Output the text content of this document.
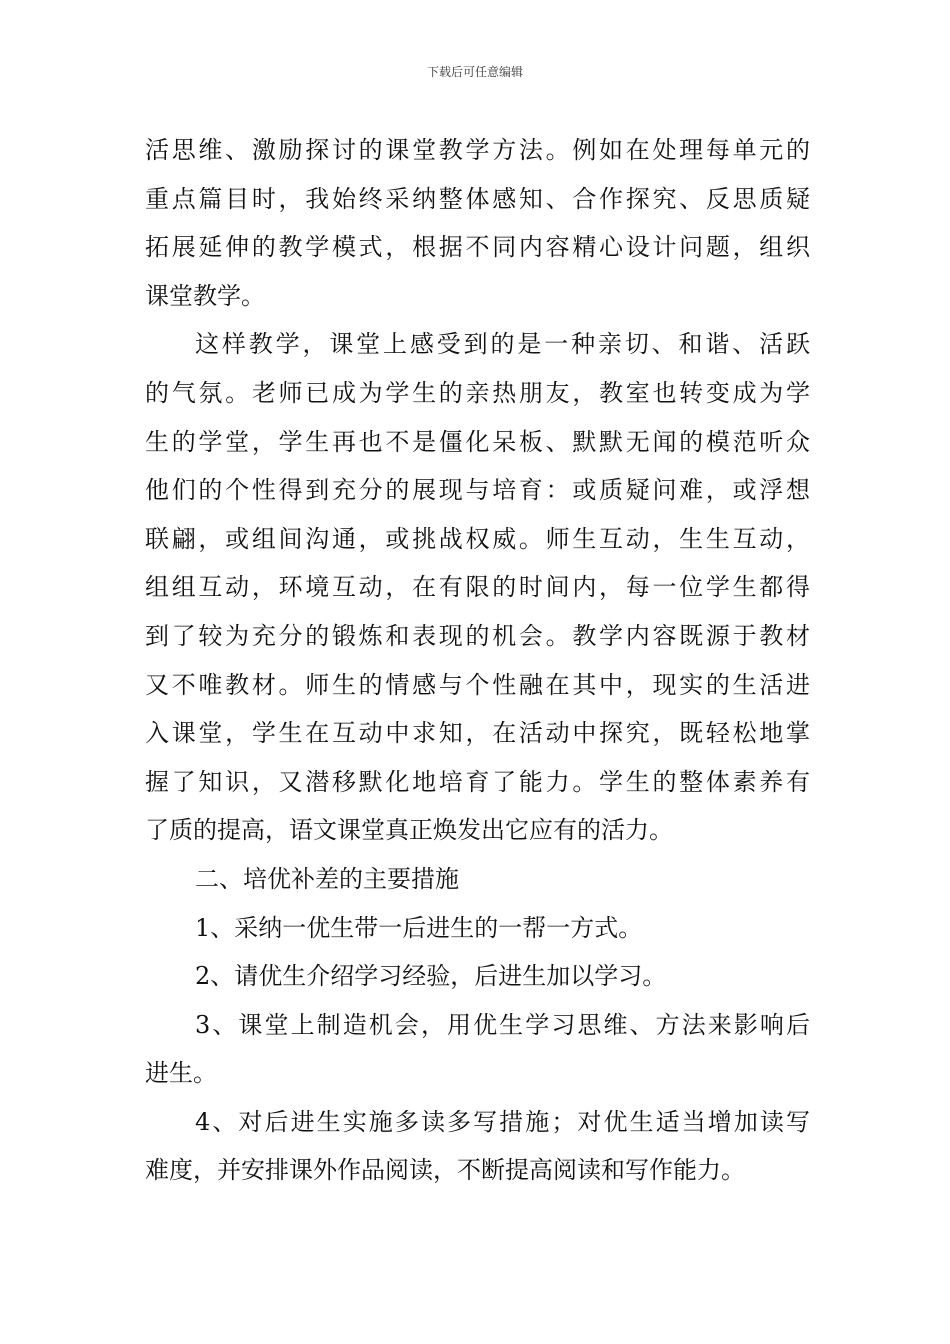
下载后可任意编辑
活思维、激励探讨的课堂教学方法。例如在处理每单元的
重点篇目时，我始终采纳整体感知、合作探究、反思质疑
拓展延伸的教学模式，根据不同内容精心设计问题，组织
课堂教学。
这样教学，课堂上感受到的是一种亲切、和谐、活跃
的气氛。老师已成为学生的亲热朋友，教室也转变成为学
生的学堂，学生再也不是僵化呆板、默默无闻的模范听众
他们的个性得到充分的展现与培育：或质疑问难，或浮想
联翩，或组间沟通，或挑战权威。师生互动，生生互动，
组组互动，环境互动，在有限的时间内，每一位学生都得
到了较为充分的锻炼和表现的机会。教学内容既源于教材
又不唯教材。师生的情感与个性融在其中，现实的生活进
入课堂，学生在互动中求知，在活动中探究，既轻松地掌
握了知识，又潜移默化地培育了能力。学生的整体素养有
了质的提高，语文课堂真正焕发出它应有的活力。
二、培优补差的主要措施
1、采纳一优生带一后进生的一帮一方式。
2、请优生介绍学习经验，后进生加以学习。
3、课堂上制造机会，用优生学习思维、方法来影响后
进生。
4、对后进生实施多读多写措施；对优生适当增加读写
难度，并安排课外作品阅读，不断提高阅读和写作能力。
